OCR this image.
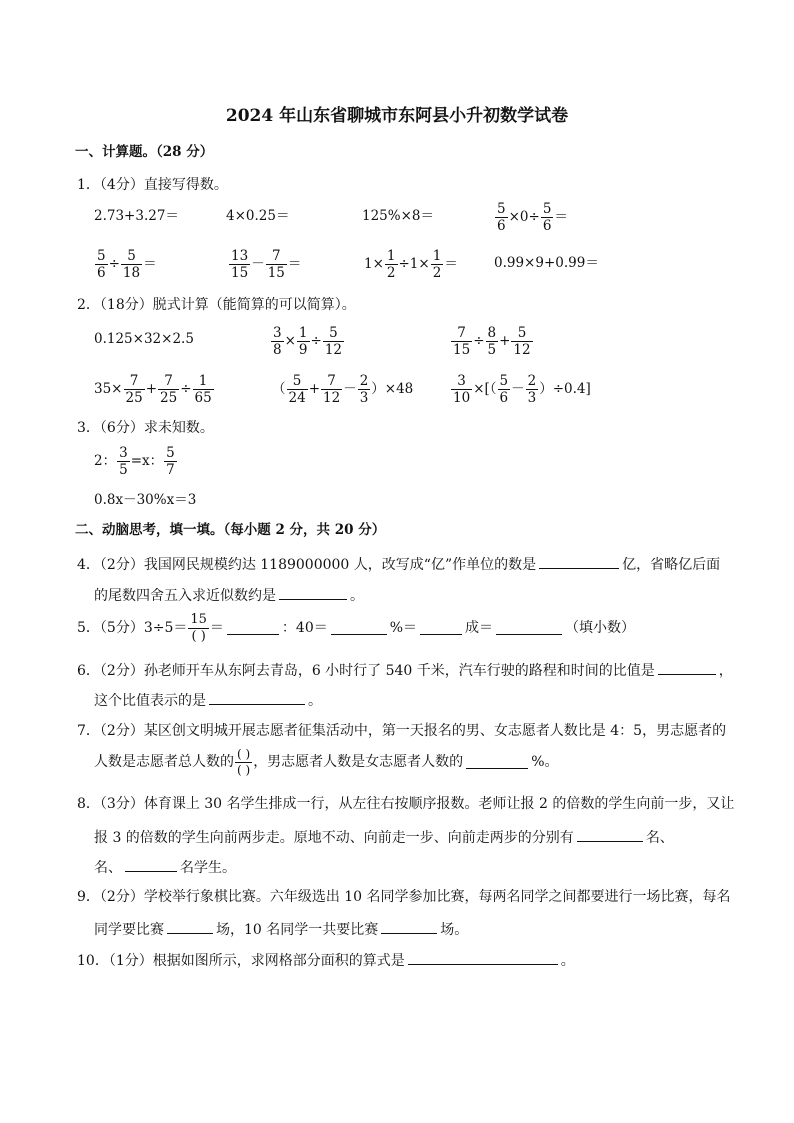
2024 年山东省聊城市东阿县小升初数学试卷
一、计算题。（28 分）
1．（4分）直接写得数。
2.73+3.27＝	4×0.25＝	125%×8＝	$\frac{5}{6} \times 0\div \frac{5}{6}$ ＝
$\frac{5}{6} \div \frac{5}{18}$ ＝	$\frac{13}{15} - \frac{7}{15}$ ＝	$1\times \frac{1}{2} \div 1\times \frac{1}{2}$ ＝	0.99×9+0.99＝
2．（18分）脱式计算（能简算的可以简算）。
0.125×32×2.5	$\frac{3}{8} \times \frac{1}{9} \div \frac{5}{12}$	$\frac{7}{15} \div \frac{8}{5} + \frac{5}{12}$
$35\times \frac{7}{25} + \frac{7}{25} \div \frac{1}{65}$	（ $\frac{5}{24} + \frac{7}{12} - \frac{2}{3} )\times 48$	$\frac{3}{10}$ ×[（ $\frac{5}{6} - \frac{2}{3} )\div 0.4$]
3．（6分）求未知数。
2： $\frac{3}{5} =x$： $\frac{5}{7}$
0.8x－30%x＝3
二、动脑思考，填一填。（每小题 2 分，共 20 分）
4．（2分）我国网民规模约达 1189000000 人，改写成“亿”作单位的数是	亿，省略亿后面
的尾数四舍五入求近似数约是	。
5．（5分）$3\div 5= \frac{15}{( )}$ ＝	：40＝	%＝	成＝	（填小数）
6．（2分）孙老师开车从东阿去青岛，6 小时行了 540 千米，汽车行驶的路程和时间的比值是	，
这个比值表示的是	。
7．（2分）某区创文明城开展志愿者征集活动中，第一天报名的男、女志愿者人数比是 4：5，男志愿者的
人数是志愿者总人数的 $\frac{( )}{( )}$ ，男志愿者人数是女志愿者人数的	%。
8．（3分）体育课上 30 名学生排成一行，从左往右按顺序报数。老师让报 2 的倍数的学生向前一步，又让
报 3 的倍数的学生向前两步走。原地不动、向前走一步、向前走两步的分别有	名、
名、	名学生。
9．（2分）学校举行象棋比赛。六年级选出 10 名同学参加比赛，每两名同学之间都要进行一场比赛，每名
同学要比赛	场，10 名同学一共要比赛	场。
10．（1分）根据如图所示，求网格部分面积的算式是	。
